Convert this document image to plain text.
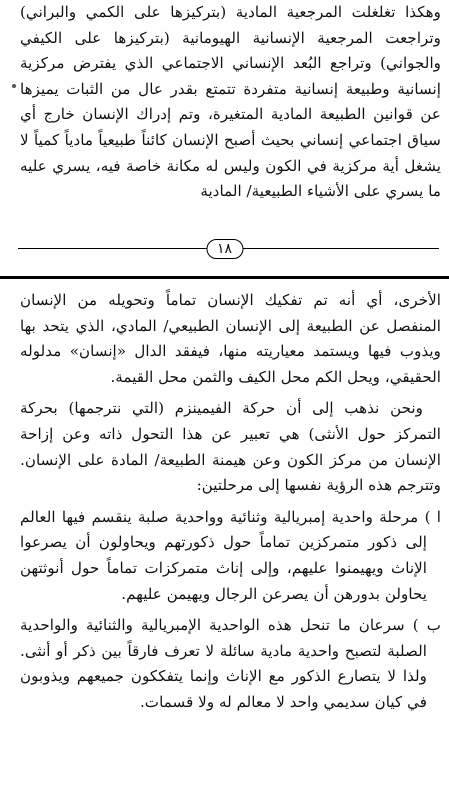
وهكذا تغلغلت المرجعية المادية (بتركيزها على الكمي والبراني) وتراجعت المرجعية الإنسانية الهيومانية (بتركيزها على الكيفي والجواني) وتراجع البُعد الإنساني الاجتماعي الذي يفترض مركزية إنسانية وطبيعة إنسانية متفردة تتمتع بقدر عال من الثبات يميزها عن قوانين الطبيعة المادية المتغيرة، وتم إدراك الإنسان خارج أي سياق اجتماعي إنساني بحيث أصبح الإنسان كائناً طبيعياً مادياً كمياً لا يشغل أية مركزية في الكون وليس له مكانة خاصة فيه، يسري عليه ما يسري على الأشياء الطبيعية/ المادية

١٨

الأخرى، أي أنه تم تفكيك الإنسان تماماً وتحويله من الإنسان المنفصل عن الطبيعة إلى الإنسان الطبيعي/ المادي، الذي يتحد بها ويذوب فيها ويستمد معياريته منها، فيفقد الدال «إنسان» مدلوله الحقيقي، ويحل الكم محل الكيف والثمن محل القيمة.

ونحن نذهب إلى أن حركة الفيمينزم (التي نترجمها) بحركة التمركز حول الأنثى) هي تعبير عن هذا التحول ذاته وعن إزاحة الإنسان من مركز الكون وعن هيمنة الطبيعة/ المادة على الإنسان. وتترجم هذه الرؤية نفسها إلى مرحلتين:

ا ) مرحلة واحدية إمبريالية وثنائية وواحدية صلبة ينقسم فيها العالم إلى ذكور متمركزين تماماً حول ذكورتهم ويحاولون أن يصرعوا الإناث ويهيمنوا عليهم، وإلى إناث متمركزات تماماً حول أنوثتهن يحاولن بدورهن أن يصرعن الرجال ويهيمن عليهم.

ب ) سرعان ما تنحل هذه الواحدية الإمبريالية والثنائية والواحدية الصلبة لتصبح واحدية مادية سائلة لا تعرف فارقاً بين ذكر أو أنثى. ولذا لا يتصارع الذكور مع الإناث وإنما يتفككون جميعهم ويذوبون في كيان سديمي واحد لا معالم له ولا قسمات.
